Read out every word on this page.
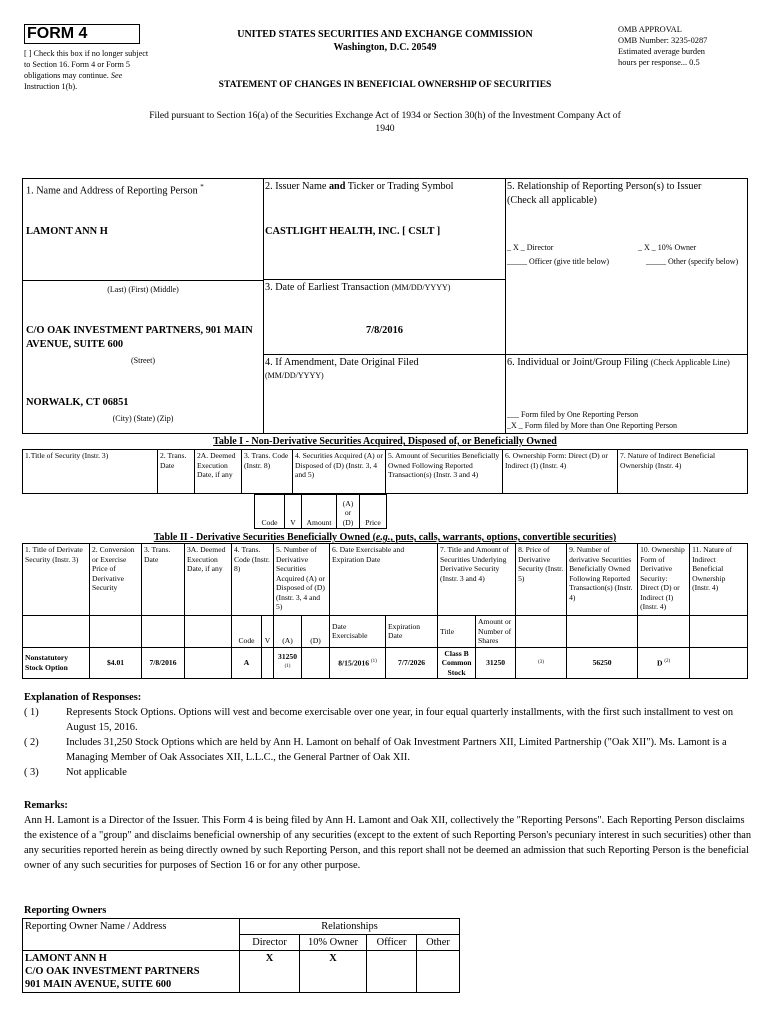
FORM 4
[ ] Check this box if no longer subject to Section 16. Form 4 or Form 5 obligations may continue. See Instruction 1(b).
UNITED STATES SECURITIES AND EXCHANGE COMMISSION
Washington, D.C. 20549
OMB APPROVAL
OMB Number: 3235-0287
Estimated average burden
hours per response... 0.5
STATEMENT OF CHANGES IN BENEFICIAL OWNERSHIP OF SECURITIES
Filed pursuant to Section 16(a) of the Securities Exchange Act of 1934 or Section 30(h) of the Investment Company Act of 1940
1. Name and Address of Reporting Person *
LAMONT ANN H
(Last) (First) (Middle)
C/O OAK INVESTMENT PARTNERS, 901 MAIN AVENUE, SUITE 600
(Street)
NORWALK, CT 06851
(City) (State) (Zip)
2. Issuer Name and Ticker or Trading Symbol
CASTLIGHT HEALTH, INC. [ CSLT ]
3. Date of Earliest Transaction (MM/DD/YYYY)
7/8/2016
4. If Amendment, Date Original Filed
(MM/DD/YYYY)
5. Relationship of Reporting Person(s) to Issuer
(Check all applicable)
_ X _ Director	_ X _ 10% Owner
_____ Officer (give title below)	_____ Other (specify below)
6. Individual or Joint/Group Filing (Check Applicable Line)
___ Form filed by One Reporting Person
_X _ Form filed by More than One Reporting Person
Table I - Non-Derivative Securities Acquired, Disposed of, or Beneficially Owned
1.Title of Security (Instr. 3)	2. Trans. Date	2A. Deemed Execution Date, if any	3. Trans. Code (Instr. 8)	4. Securities Acquired (A) or Disposed of (D) (Instr. 3, 4 and 5)	5. Amount of Securities Beneficially Owned Following Reported Transaction(s) (Instr. 3 and 4)	6. Ownership Form: Direct (D) or Indirect (I) (Instr. 4)	7. Nature of Indirect Beneficial Ownership (Instr. 4)
Code	V	Amount	(A) or (D)	Price
Table II - Derivative Securities Beneficially Owned (e.g., puts, calls, warrants, options, convertible securities)
1. Title of Derivate Security (Instr. 3)	2. Conversion or Exercise Price of Derivative Security	3. Trans. Date	3A. Deemed Execution Date, if any	4. Trans. Code (Instr. 8)		5. Number of Derivative Securities Acquired (A) or Disposed of (D) (Instr. 3, 4 and 5)		6. Date Exercisable and Expiration Date		7. Title and Amount of Securities Underlying Derivative Security (Instr. 3 and 4)		8. Price of Derivative Security (Instr. 5)	9. Number of derivative Securities Beneficially Owned Following Reported Transaction(s) (Instr. 4)	10. Ownership Form of Derivative Security: Direct (D) or Indirect (I) (Instr. 4)	11. Nature of Indirect Beneficial Ownership (Instr. 4)
				Code	V	(A)	(D)	Date Exercisable	Expiration Date	Title	Amount or Number of Shares				
Nonstatutory Stock Option	$4.01	7/8/2016		A		31250 $^{(1)}$		8/15/2016 $^{(1)}$	7/7/2026	Class B Common Stock	31250	(3)	56250	D $^{(2)}$	
Explanation of Responses:
( 1)	Represents Stock Options. Options will vest and become exercisable over one year, in four equal quarterly installments, with the first such installment to vest on August 15, 2016.
( 2)	Includes 31,250 Stock Options which are held by Ann H. Lamont on behalf of Oak Investment Partners XII, Limited Partnership ("Oak XII"). Ms. Lamont is a Managing Member of Oak Associates XII, L.L.C., the General Partner of Oak XII.
( 3)	Not applicable
Remarks:
Ann H. Lamont is a Director of the Issuer. This Form 4 is being filed by Ann H. Lamont and Oak XII, collectively the "Reporting Persons". Each Reporting Person disclaims the existence of a "group" and disclaims beneficial ownership of any securities (except to the extent of such Reporting Person's pecuniary interest in such securities) other than any securities reported herein as being directly owned by such Reporting Person, and this report shall not be deemed an admission that such Reporting Person is the beneficial owner of any such securities for purposes of Section 16 or for any other purpose.
Reporting Owners
Reporting Owner Name / Address	Relationships			
	Director	10% Owner	Officer	Other

LAMONT ANN H
C/O OAK INVESTMENT PARTNERS
901 MAIN AVENUE, SUITE 600	X	X		
